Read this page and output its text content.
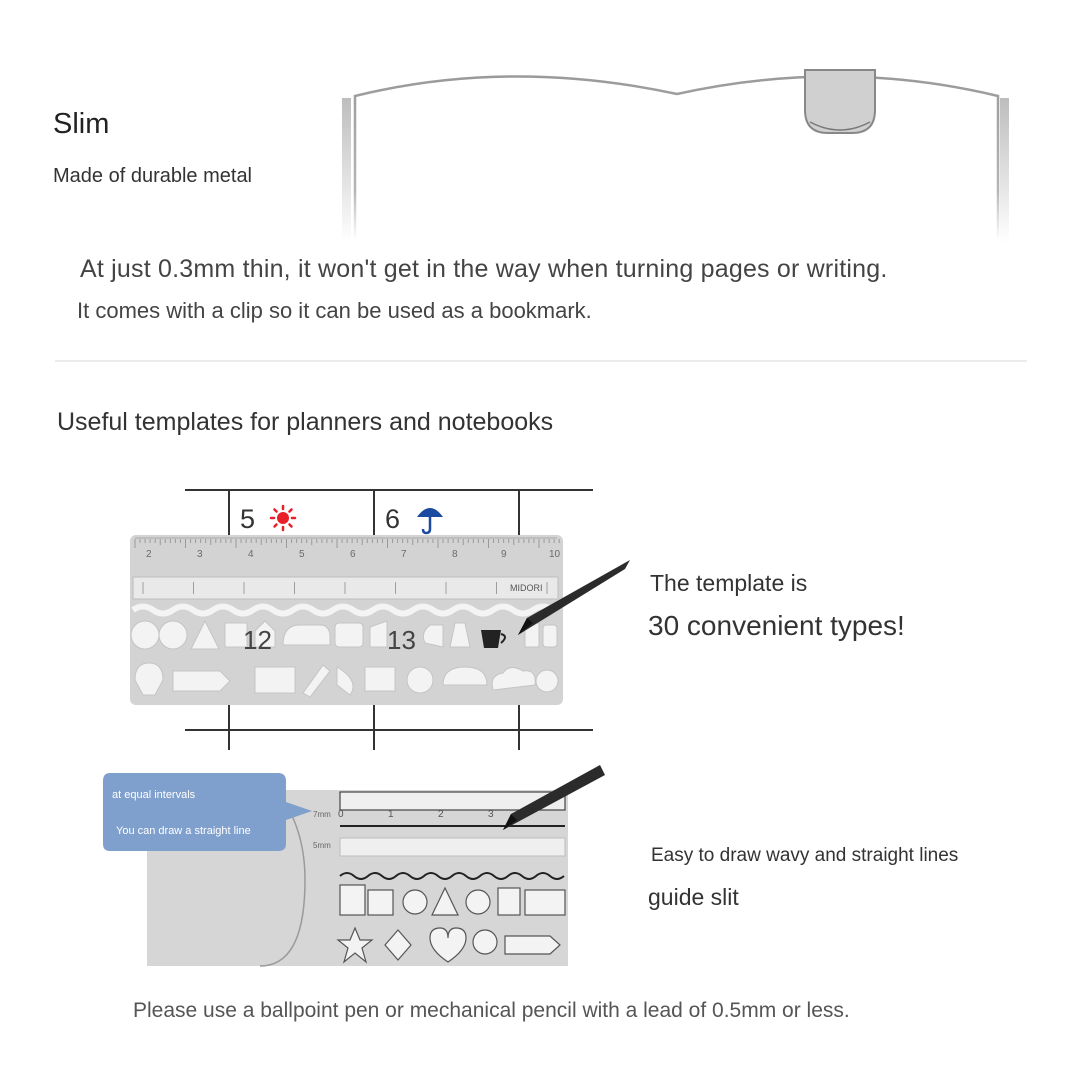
Slim
Made of durable metal
At just 0.3mm thin, it won't get in the way when turning pages or writing.
It comes with a clip so it can be used as a bookmark.
Useful templates for planners and notebooks
5	6
2	3	4	5	6	7	8	9	10
MIDORI
12	13
The template is
30 convenient types!
7mm
5mm
0	1	2	3
at equal intervals
You can draw a straight line
Easy to draw wavy and straight lines
guide slit
Please use a ballpoint pen or mechanical pencil with a lead of 0.5mm or less.
